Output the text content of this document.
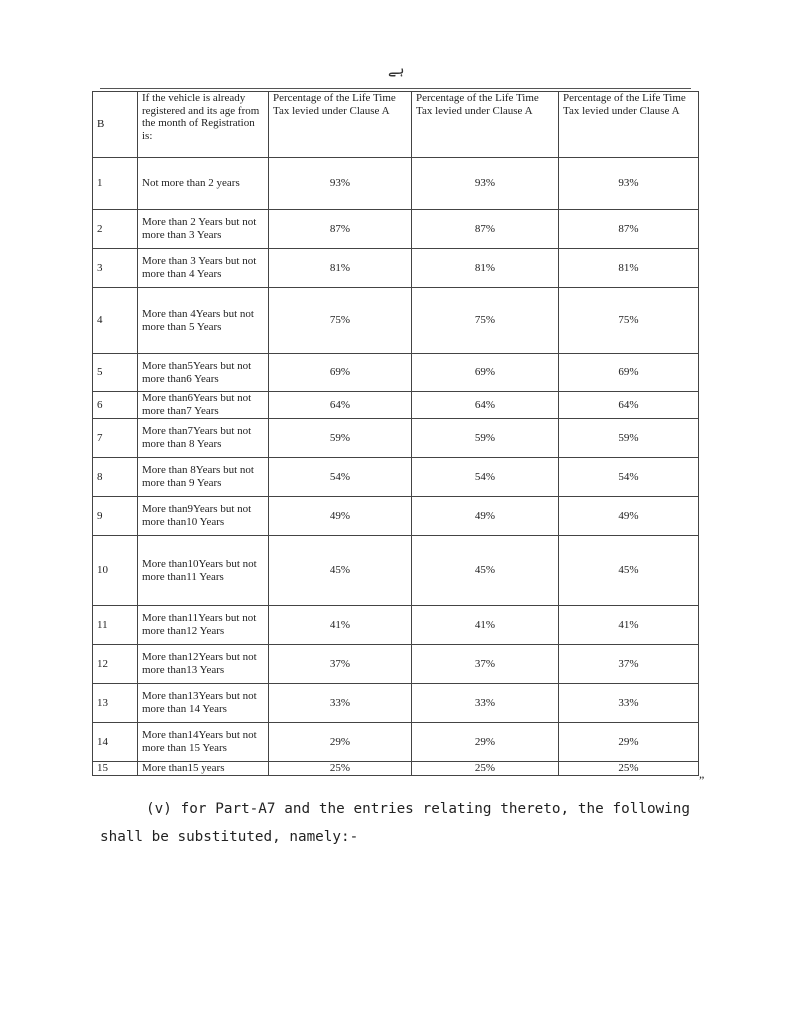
ہے
B	If the vehicle is already registered and its age from the month of Registration is:	Percentage of the Life Time Tax levied under Clause A	Percentage of the Life Time Tax levied under Clause A	Percentage of the Life Time Tax levied under Clause A
1	Not more than 2 years	93%	93%	93%
2	More than 2 Years but not more than 3 Years	87%	87%	87%
3	More than 3 Years but not more than 4 Years	81%	81%	81%
4	More than 4Years but not more than 5 Years	75%	75%	75%
5	More than5Years but not more than6 Years	69%	69%	69%
6	More than6Years but not more than7 Years	64%	64%	64%
7	More than7Years but not more than 8 Years	59%	59%	59%
8	More than 8Years but not more than 9 Years	54%	54%	54%
9	More than9Years but not more than10 Years	49%	49%	49%
10	More than10Years but not more than11 Years	45%	45%	45%
11	More than11Years but not more than12 Years	41%	41%	41%
12	More than12Years but not more than13 Years	37%	37%	37%
13	More than13Years but not more than 14 Years	33%	33%	33%
14	More than14Years but not more than 15 Years	29%	29%	29%
15	More than15 years	25%	25%	25%
”
(v) for Part-A7 and the entries relating thereto, the following shall be substituted, namely:-
